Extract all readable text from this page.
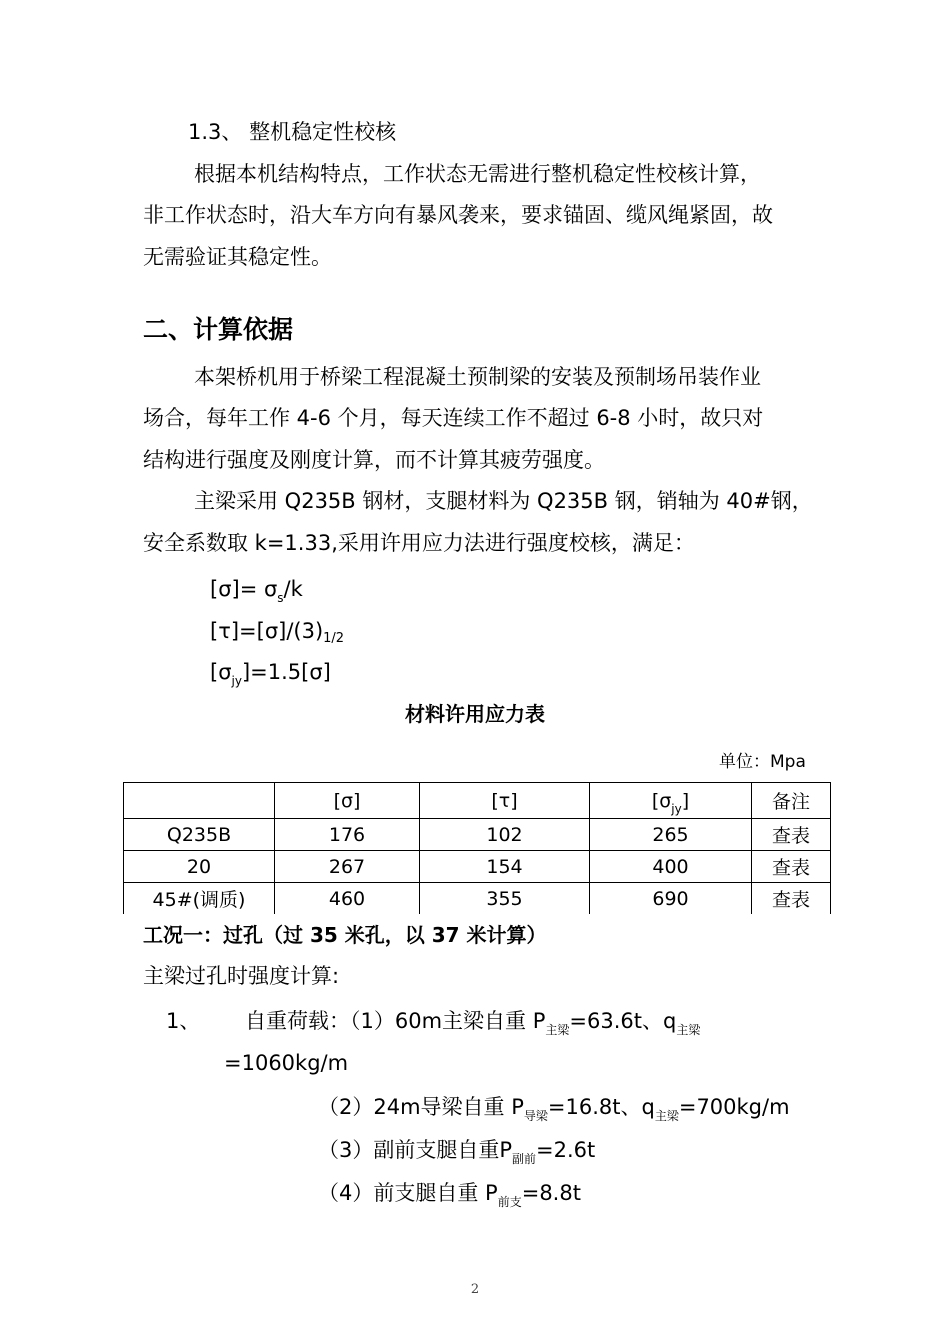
1.3、 整机稳定性校核
根据本机结构特点，工作状态无需进行整机稳定性校核计算，
非工作状态时，沿大车方向有暴风袭来，要求锚固、缆风绳紧固，故
无需验证其稳定性。
二、计算依据
本架桥机用于桥梁工程混凝土预制梁的安装及预制场吊装作业
场合，每年工作 4-6 个月，每天连续工作不超过 6-8 小时，故只对
结构进行强度及刚度计算，而不计算其疲劳强度。
主梁采用 Q235B 钢材，支腿材料为 Q235B 钢，销轴为 40#钢，
安全系数取 k=1.33,采用许用应力法进行强度校核，满足：
$[\sigma]= \sigma_s/k$
$[\tau]=[\sigma]/(3)_{1/2}$
$[\sigma_{jy}]=1.5[\sigma]$
材料许用应力表
单位：Mpa
	[σ]	[τ]	$[\sigma_{jy}]$	备注
Q235B	176	102	265	查表
20	267	154	400	查表
45#(调质)	460	355	690	查表
工况一：过孔（过 35 米孔，以 37 米计算）
主梁过孔时强度计算:
1、 自重荷载：（1）60m主梁自重 $P_{主梁}=63.6t$、$q_{主梁}$
=1060kg/m
（2）24m导梁自重 $P_{导梁}=16.8t$、$q_{主梁}=700kg/m$
（3）副前支腿自重$P_{副前}=2.6t$
（4）前支腿自重 $P_{前支}=8.8t$
2
